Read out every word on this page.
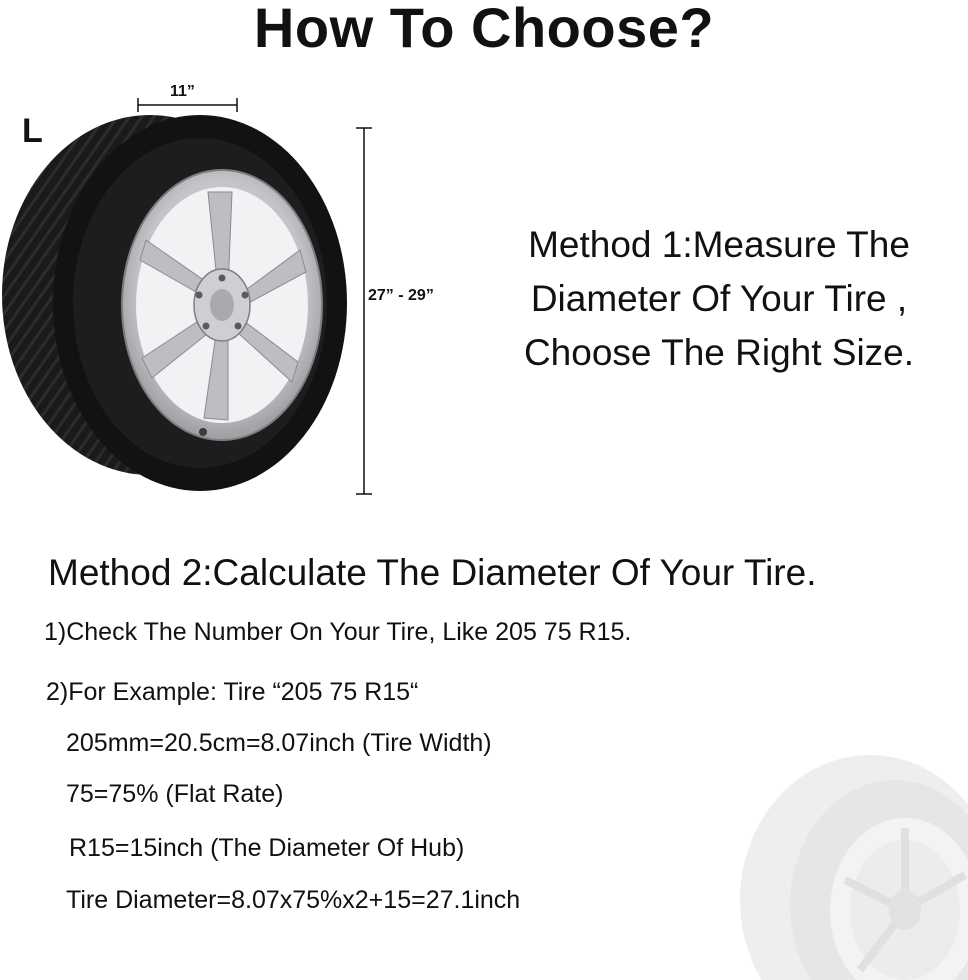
How To Choose?
L
11”
27” - 29”
Method 1:Measure The
Diameter Of Your Tire ,
Choose The Right Size.
Method 2:Calculate The Diameter Of Your Tire.
1)Check The Number On Your Tire, Like 205 75 R15.
2)For Example: Tire “205 75 R15“
205mm=20.5cm=8.07inch (Tire Width)
75=75% (Flat Rate)
R15=15inch (The Diameter Of Hub)
Tire Diameter=8.07x75%x2+15=27.1inch
